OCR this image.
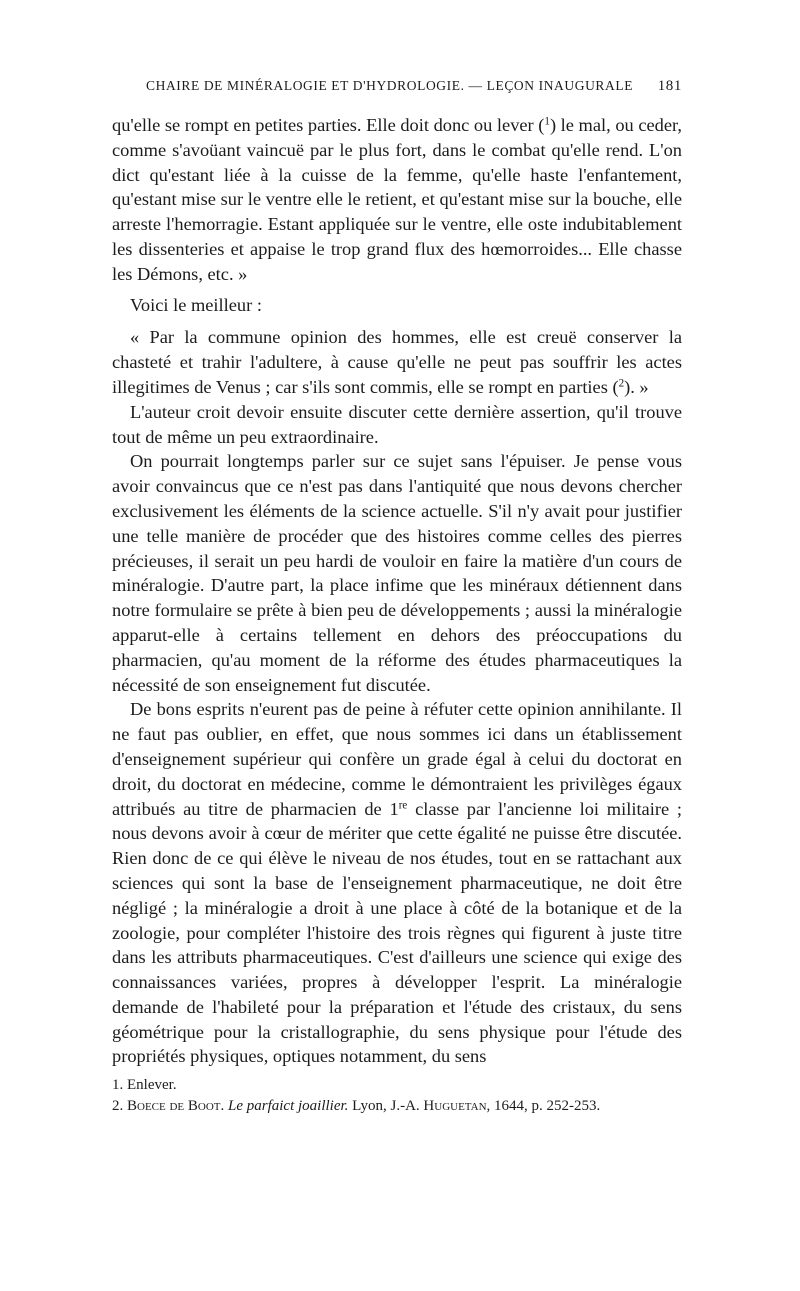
CHAIRE DE MINÉRALOGIE ET D'HYDROLOGIE. — LEÇON INAUGURALE 181

qu'elle se rompt en petites parties. Elle doit donc ou lever ($^1$) le mal, ou ceder, comme s'avoüant vaincuë par le plus fort, dans le combat qu'elle rend. L'on dict qu'estant liée à la cuisse de la femme, qu'elle haste l'enfantement, qu'estant mise sur le ventre elle le retient, et qu'estant mise sur la bouche, elle arreste l'hemorragie. Estant appliquée sur le ventre, elle oste indubitablement les dissenteries et appaise le trop grand flux des hœmorroides... Elle chasse les Démons, etc. »

Voici le meilleur :

« Par la commune opinion des hommes, elle est creuë conserver la chasteté et trahir l'adultere, à cause qu'elle ne peut pas souffrir les actes illegitimes de Venus ; car s'ils sont commis, elle se rompt en parties ($^2$). »

L'auteur croit devoir ensuite discuter cette dernière assertion, qu'il trouve tout de même un peu extraordinaire.

On pourrait longtemps parler sur ce sujet sans l'épuiser. Je pense vous avoir convaincus que ce n'est pas dans l'antiquité que nous devons chercher exclusivement les éléments de la science actuelle. S'il n'y avait pour justifier une telle manière de procéder que des histoires comme celles des pierres précieuses, il serait un peu hardi de vouloir en faire la matière d'un cours de minéralogie. D'autre part, la place infime que les minéraux détiennent dans notre formulaire se prête à bien peu de développements ; aussi la minéralogie apparut-elle à certains tellement en dehors des préoccupations du pharmacien, qu'au moment de la réforme des études pharmaceutiques la nécessité de son enseignement fut discutée.

De bons esprits n'eurent pas de peine à réfuter cette opinion annihilante. Il ne faut pas oublier, en effet, que nous sommes ici dans un établissement d'enseignement supérieur qui confère un grade égal à celui du doctorat en droit, du doctorat en médecine, comme le démontraient les privilèges égaux attribués au titre de pharmacien de 1re classe par l'ancienne loi militaire ; nous devons avoir à cœur de mériter que cette égalité ne puisse être discutée. Rien donc de ce qui élève le niveau de nos études, tout en se rattachant aux sciences qui sont la base de l'enseignement pharmaceutique, ne doit être négligé ; la minéralogie a droit à une place à côté de la botanique et de la zoologie, pour compléter l'histoire des trois règnes qui figurent à juste titre dans les attributs pharmaceutiques. C'est d'ailleurs une science qui exige des connaissances variées, propres à développer l'esprit. La minéralogie demande de l'habileté pour la préparation et l'étude des cristaux, du sens géométrique pour la cristallographie, du sens physique pour l'étude des propriétés physiques, optiques notamment, du sens

1. Enlever.

2. Boece de Boot. Le parfaict joaillier. Lyon, J.-A. Huguetan, 1644, p. 252-253.
